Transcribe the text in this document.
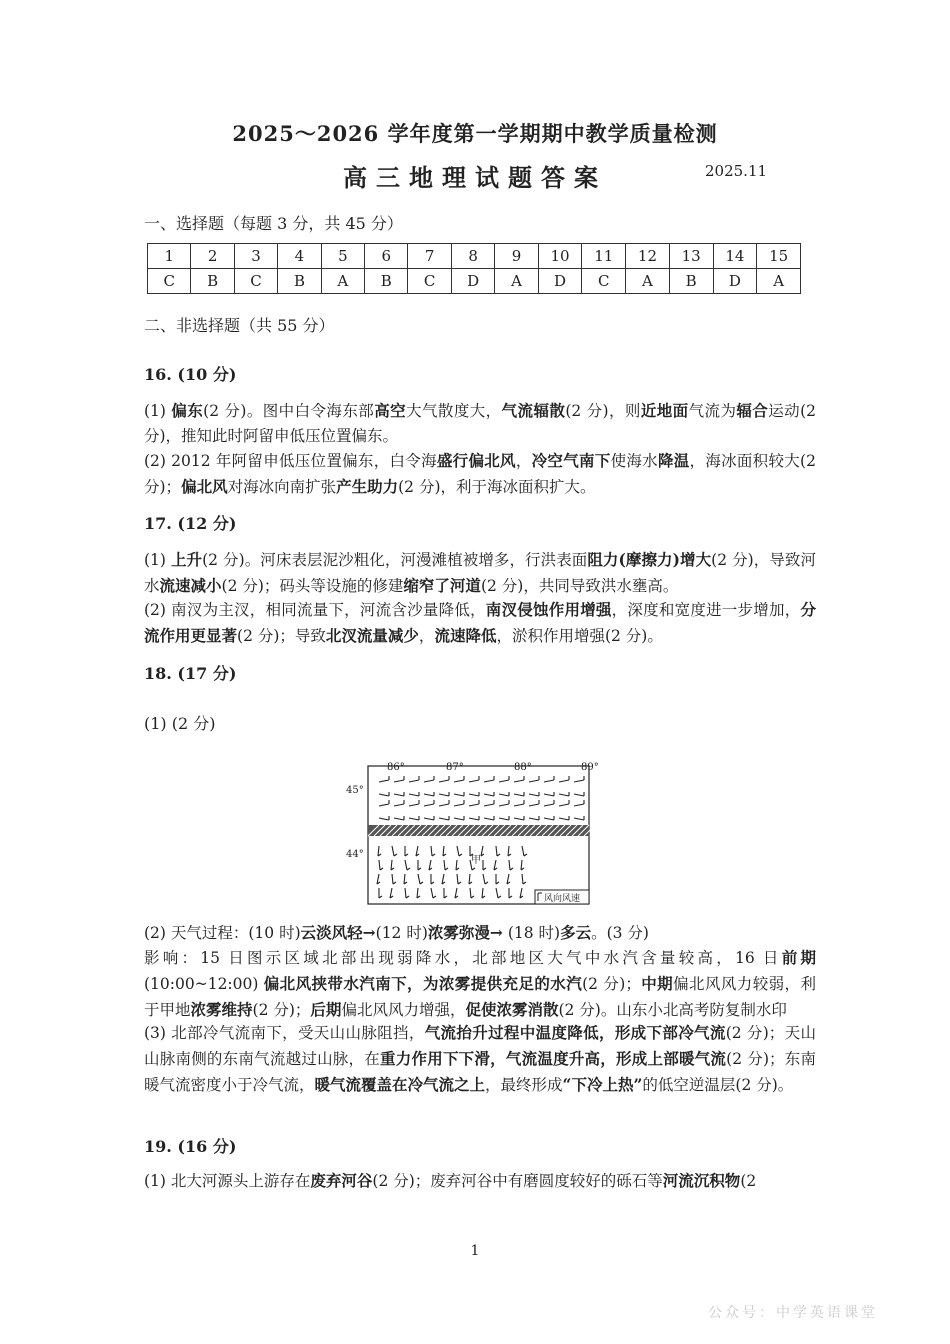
2025～2026 学年度第一学期期中教学质量检测
高三地理试题答案	2025.11
一、选择题（每题 3 分，共 45 分）
1	2	3	4	5	6	7	8	9	10	11	12	13	14	15
C	B	C	B	A	B	C	D	A	D	C	A	B	D	A
二、非选择题（共 55 分）
16. (10 分)
(1) 偏东(2 分)。图中白令海东部高空大气散度大，气流辐散(2 分)，则近地面气流为辐合运动(2 分)，推知此时阿留申低压位置偏东。
(2) 2012 年阿留申低压位置偏东，白令海盛行偏北风，冷空气南下使海水降温，海冰面积较大(2 分)；偏北风对海冰向南扩张产生助力(2 分)，利于海冰面积扩大。
17. (12 分)
(1) 上升(2 分)。河床表层泥沙粗化，河漫滩植被增多，行洪表面阻力(摩擦力)增大(2 分)，导致河水流速减小(2 分)；码头等设施的修建缩窄了河道(2 分)，共同导致洪水壅高。
(2) 南汊为主汊，相同流量下，河流含沙量降低，南汊侵蚀作用增强，深度和宽度进一步增加，分流作用更显著(2 分)；导致北汊流量减少，流速降低，淤积作用增强(2 分)。
18. (17 分)
(1) (2 分)
86°	87°	88°	89°
45°
44°
甲
风向风速
(2) 天气过程：(10 时)云淡风轻→(12 时)浓雾弥漫→ (18 时)多云。(3 分)
影响：15 日图示区域北部出现弱降水，北部地区大气中水汽含量较高，16 日前期(10:00~12:00) 偏北风挟带水汽南下，为浓雾提供充足的水汽(2 分)；中期偏北风风力较弱，利于甲地浓雾维持(2 分)；后期偏北风风力增强，促使浓雾消散(2 分)。山东小北高考防复制水印
(3) 北部冷气流南下，受天山山脉阻挡，气流抬升过程中温度降低，形成下部冷气流(2 分)；天山山脉南侧的东南气流越过山脉，在重力作用下下滑，气流温度升高，形成上部暖气流(2 分)；东南暖气流密度小于冷气流，暖气流覆盖在冷气流之上，最终形成“下冷上热”的低空逆温层(2 分)。
19. (16 分)
(1) 北大河源头上游存在废弃河谷(2 分)；废弃河谷中有磨圆度较好的砾石等河流沉积物(2
1
公众号：中学英语课堂
